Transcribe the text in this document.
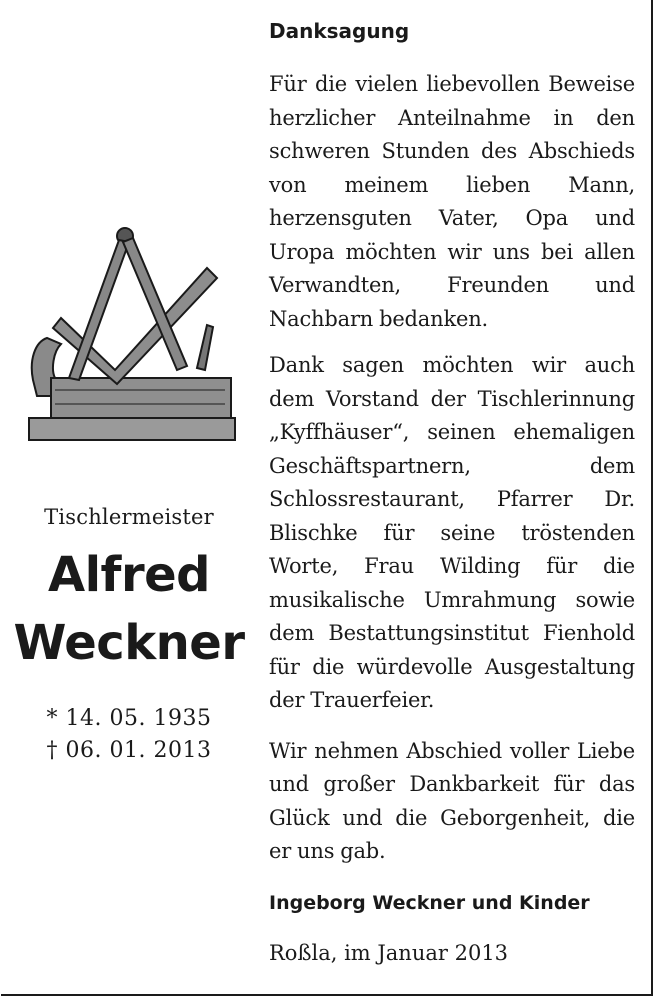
Tischlermeister
Alfred
Weckner
* 14. 05. 1935
† 06. 01. 2013
Danksagung

Für die vielen liebevollen Beweise herzlicher Anteilnahme in den schweren Stunden des Abschieds von meinem lieben Mann, herzensguten Vater, Opa und Uropa möchten wir uns bei allen Verwandten, Freunden und Nachbarn bedanken.

Dank sagen möchten wir auch dem Vorstand der Tischlerinnung „Kyffhäuser“, seinen ehemaligen Geschäftspartnern, dem Schlossrestaurant, Pfarrer Dr. Blischke für seine tröstenden Worte, Frau Wilding für die musikalische Umrahmung sowie dem Bestattungsinstitut Fienhold für die würdevolle Ausgestaltung der Trauerfeier.

Wir nehmen Abschied voller Liebe und großer Dankbarkeit für das Glück und die Geborgenheit, die er uns gab.

Ingeborg Weckner und Kinder
Roßla, im Januar 2013
